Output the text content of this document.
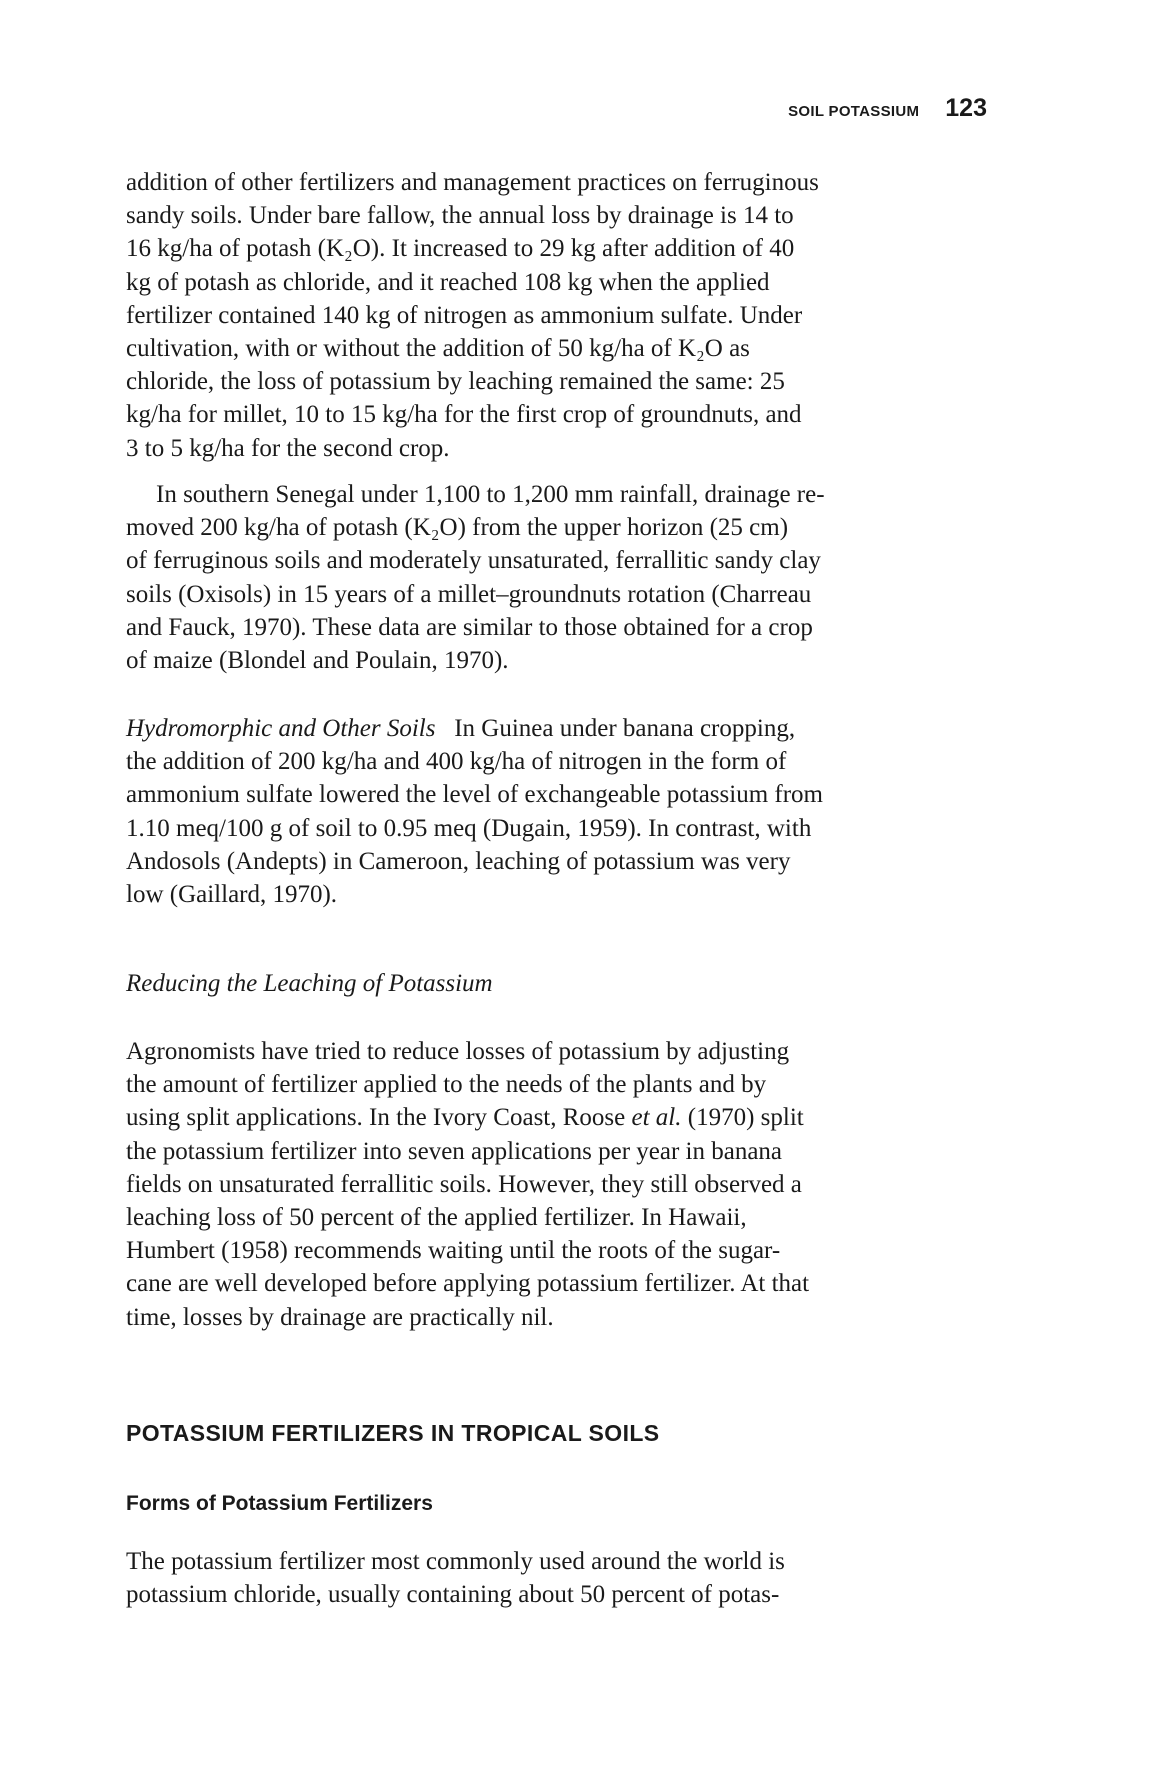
SOIL POTASSIUM 123

addition of other fertilizers and management practices on ferruginous

sandy soils. Under bare fallow, the annual loss by drainage is 14 to

16 kg/ha of potash (K₂O). It increased to 29 kg after addition of 40

kg of potash as chloride, and it reached 108 kg when the applied

fertilizer contained 140 kg of nitrogen as ammonium sulfate. Under

cultivation, with or without the addition of 50 kg/ha of K₂O as

chloride, the loss of potassium by leaching remained the same: 25

kg/ha for millet, 10 to 15 kg/ha for the first crop of groundnuts, and

3 to 5 kg/ha for the second crop.

In southern Senegal under 1,100 to 1,200 mm rainfall, drainage re-

moved 200 kg/ha of potash (K₂O) from the upper horizon (25 cm)

of ferruginous soils and moderately unsaturated, ferrallitic sandy clay

soils (Oxisols) in 15 years of a millet–groundnuts rotation (Charreau

and Fauck, 1970). These data are similar to those obtained for a crop

of maize (Blondel and Poulain, 1970).

Hydromorphic and Other Soils In Guinea under banana cropping,

the addition of 200 kg/ha and 400 kg/ha of nitrogen in the form of

ammonium sulfate lowered the level of exchangeable potassium from

1.10 meq/100 g of soil to 0.95 meq (Dugain, 1959). In contrast, with

Andosols (Andepts) in Cameroon, leaching of potassium was very

low (Gaillard, 1970).

Reducing the Leaching of Potassium

Agronomists have tried to reduce losses of potassium by adjusting

the amount of fertilizer applied to the needs of the plants and by

using split applications. In the Ivory Coast, Roose et al. (1970) split

the potassium fertilizer into seven applications per year in banana

fields on unsaturated ferrallitic soils. However, they still observed a

leaching loss of 50 percent of the applied fertilizer. In Hawaii,

Humbert (1958) recommends waiting until the roots of the sugar-

cane are well developed before applying potassium fertilizer. At that

time, losses by drainage are practically nil.

POTASSIUM FERTILIZERS IN TROPICAL SOILS
Forms of Potassium Fertilizers

The potassium fertilizer most commonly used around the world is

potassium chloride, usually containing about 50 percent of potas-
